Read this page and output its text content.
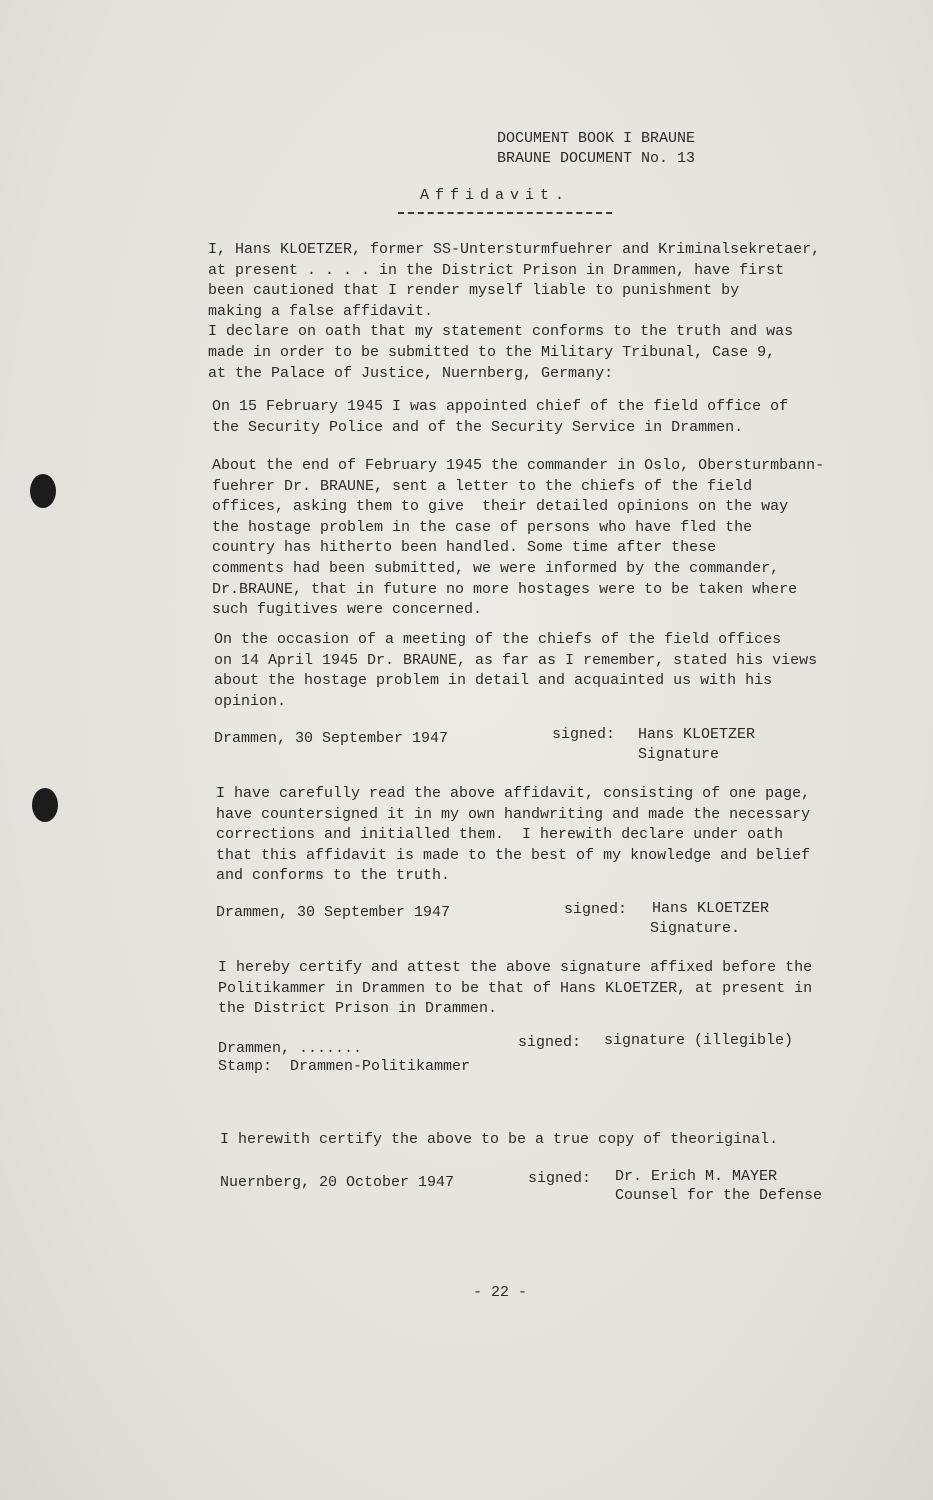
DOCUMENT BOOK I BRAUNE
BRAUNE DOCUMENT No. 13
Affidavit.
I, Hans KLOETZER, former SS-Untersturmfuehrer and Kriminalsekretaer,
at present . . . . in the District Prison in Drammen, have first
been cautioned that I render myself liable to punishment by
making a false affidavit.
I declare on oath that my statement conforms to the truth and was
made in order to be submitted to the Military Tribunal, Case 9,
at the Palace of Justice, Nuernberg, Germany:
On 15 February 1945 I was appointed chief of the field office of
the Security Police and of the Security Service in Drammen.
About the end of February 1945 the commander in Oslo, Obersturmbann-
fuehrer Dr. BRAUNE, sent a letter to the chiefs of the field
offices, asking them to give  their detailed opinions on the way
the hostage problem in the case of persons who have fled the
country has hitherto been handled. Some time after these
comments had been submitted, we were informed by the commander,
Dr.BRAUNE, that in future no more hostages were to be taken where
such fugitives were concerned.
On the occasion of a meeting of the chiefs of the field offices
on 14 April 1945 Dr. BRAUNE, as far as I remember, stated his views
about the hostage problem in detail and acquainted us with his
opinion.
Drammen, 30 September 1947	signed: Hans KLOETZER
Signature
I have carefully read the above affidavit, consisting of one page,
have countersigned it in my own handwriting and made the necessary
corrections and initialled them.  I herewith declare under oath
that this affidavit is made to the best of my knowledge and belief
and conforms to the truth.
Drammen, 30 September 1947	signed: Hans KLOETZER
Signature.
I hereby certify and attest the above signature affixed before the
Politikammer in Drammen to be that of Hans KLOETZER, at present in
the District Prison in Drammen.
Drammen, .......
Stamp:  Drammen-Politikammer
signed: signature (illegible)
I herewith certify the above to be a true copy of theoriginal.
Nuernberg, 20 October 1947	signed: Dr. Erich M. MAYER
Counsel for the Defense
- 22 -
